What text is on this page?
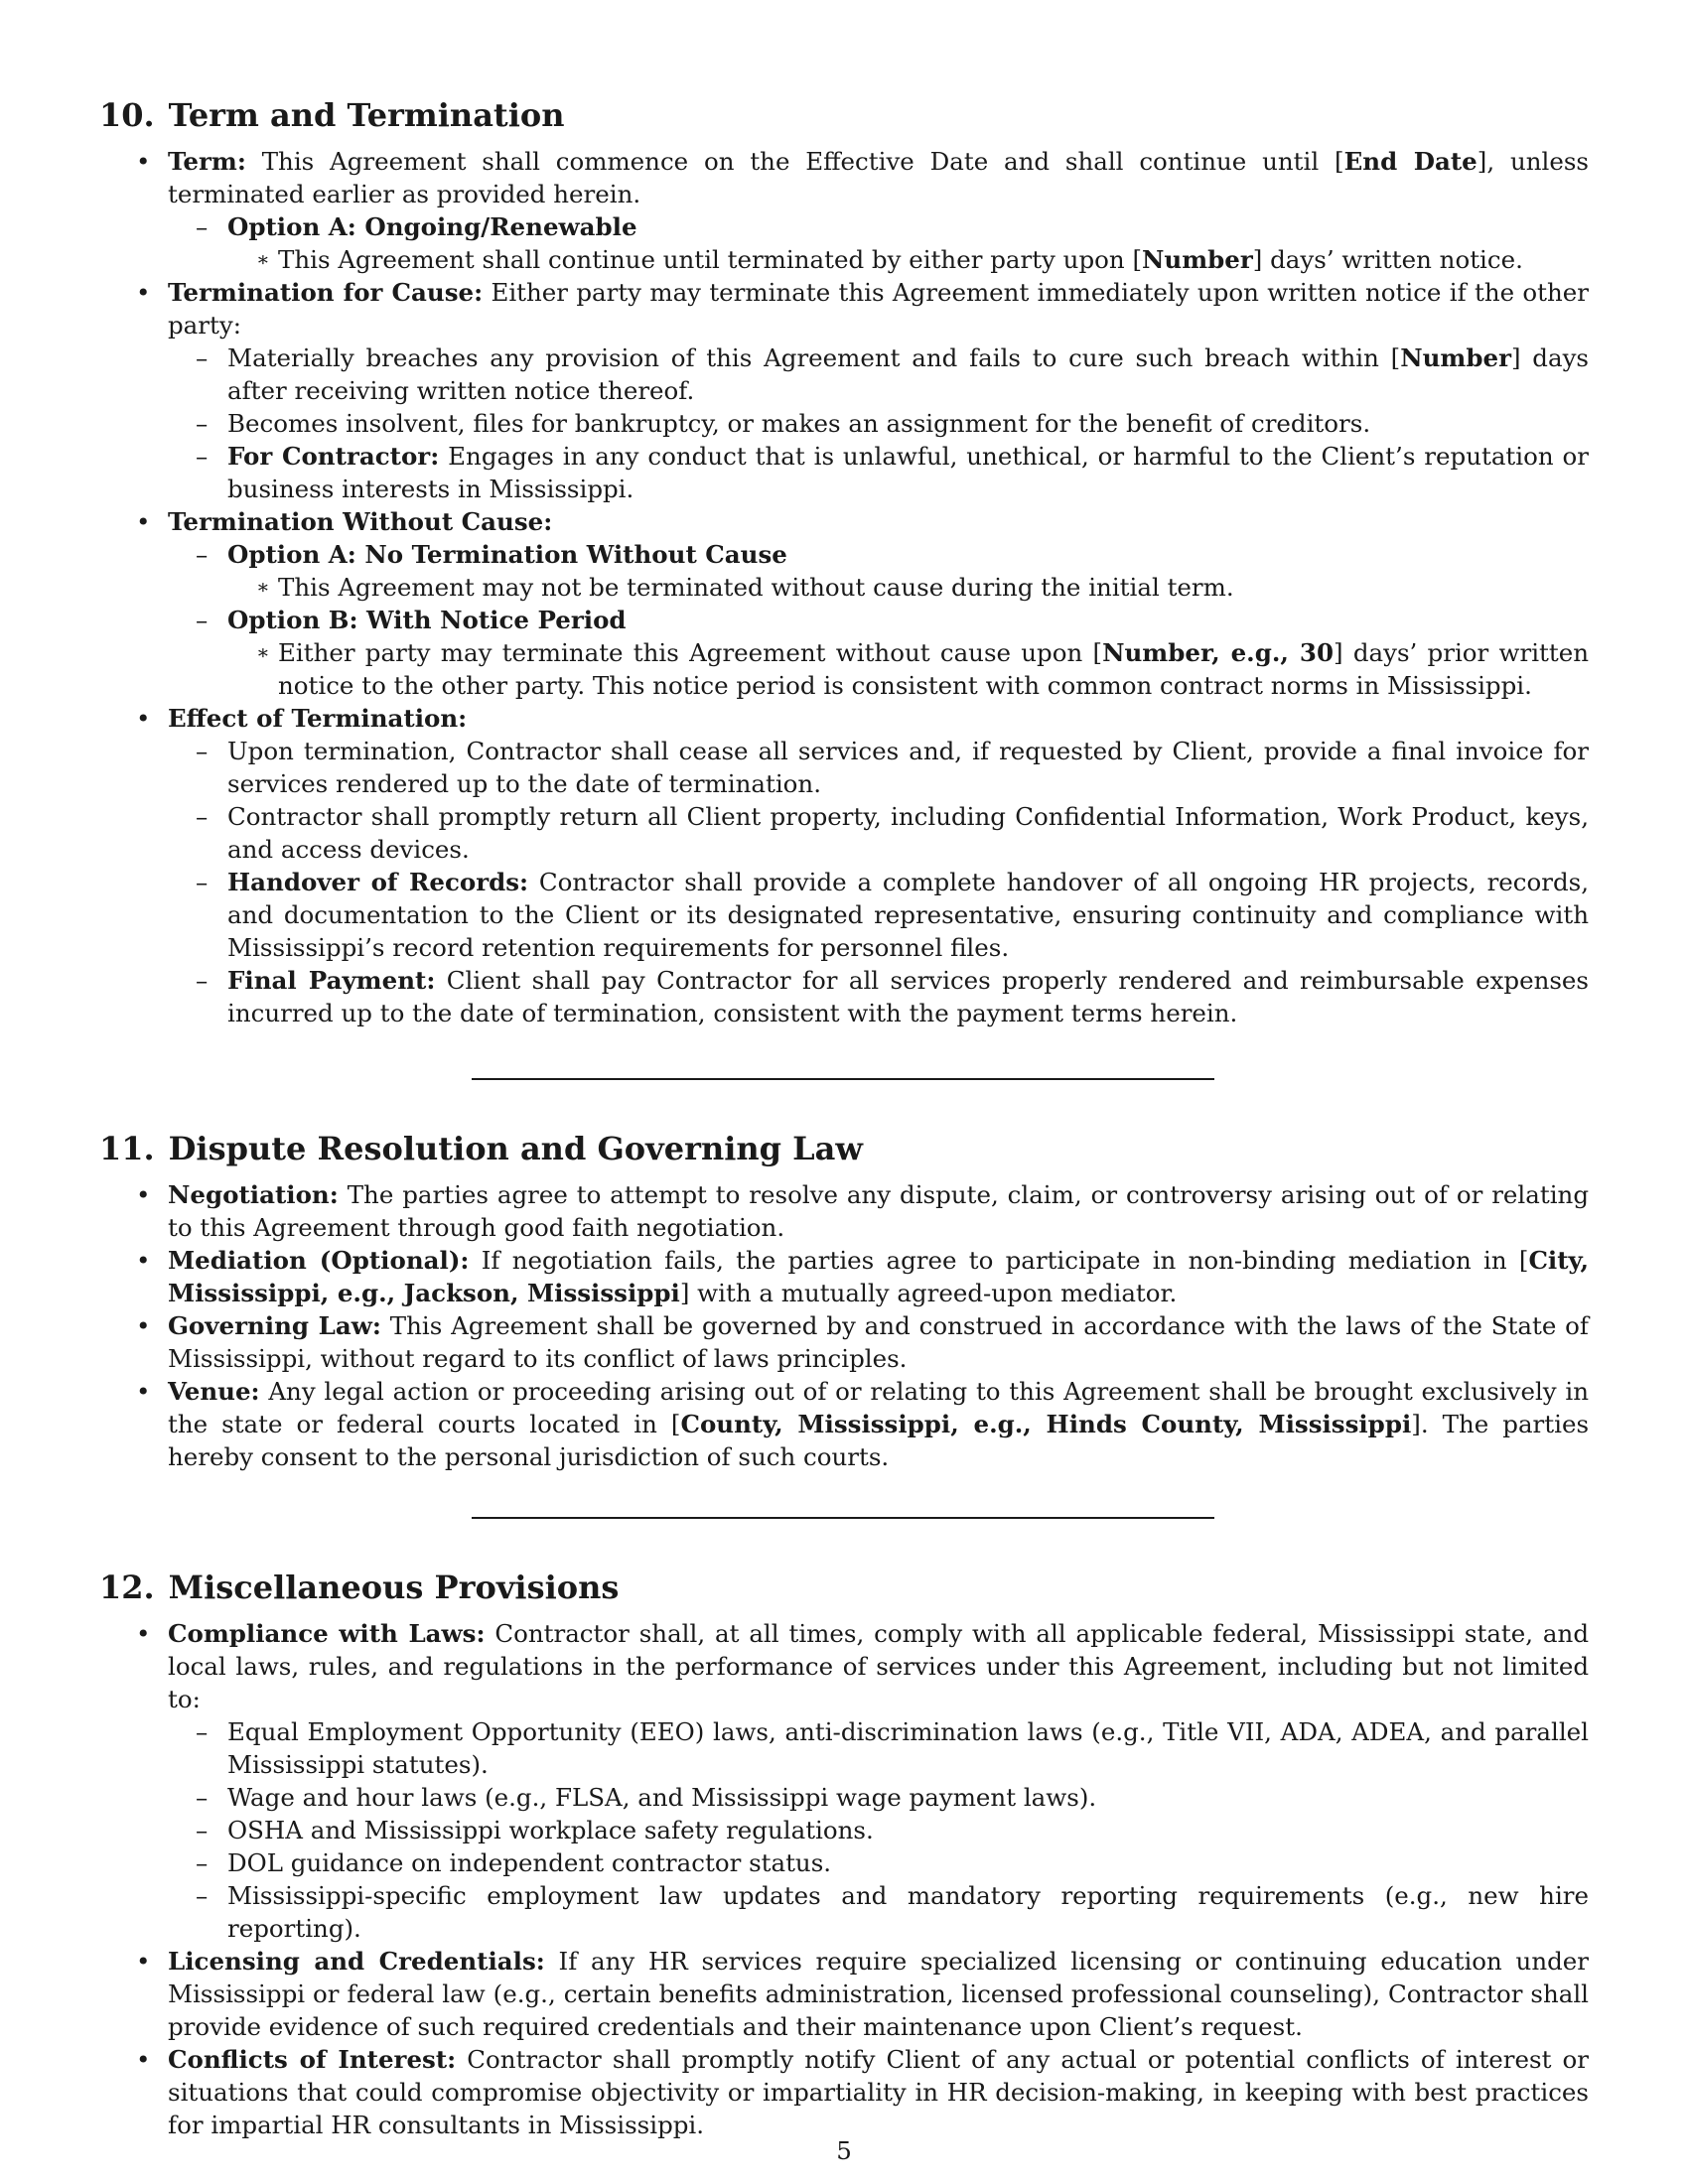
10. Term and Termination
• Term: This Agreement shall commence on the Effective Date and shall continue until [End Date], unless terminated earlier as provided herein.
– Option A: Ongoing/Renewable
∗ This Agreement shall continue until terminated by either party upon [Number] days’ written notice.
• Termination for Cause: Either party may terminate this Agreement immediately upon written notice if the other party:
– Materially breaches any provision of this Agreement and fails to cure such breach within [Number] days after receiving written notice thereof.
– Becomes insolvent, files for bankruptcy, or makes an assignment for the benefit of creditors.
– For Contractor: Engages in any conduct that is unlawful, unethical, or harmful to the Client’s reputation or business interests in Mississippi.
• Termination Without Cause:
– Option A: No Termination Without Cause
∗ This Agreement may not be terminated without cause during the initial term.
– Option B: With Notice Period
∗ Either party may terminate this Agreement without cause upon [Number, e.g., 30] days’ prior written notice to the other party. This notice period is consistent with common contract norms in Mississippi.
• Effect of Termination:
– Upon termination, Contractor shall cease all services and, if requested by Client, provide a final invoice for services rendered up to the date of termination.
– Contractor shall promptly return all Client property, including Confidential Information, Work Product, keys, and access devices.
– Handover of Records: Contractor shall provide a complete handover of all ongoing HR projects, records, and documentation to the Client or its designated representative, ensuring continuity and compliance with Mississippi’s record retention requirements for personnel files.
– Final Payment: Client shall pay Contractor for all services properly rendered and reimbursable expenses incurred up to the date of termination, consistent with the payment terms herein.
11. Dispute Resolution and Governing Law
• Negotiation: The parties agree to attempt to resolve any dispute, claim, or controversy arising out of or relating to this Agreement through good faith negotiation.
• Mediation (Optional): If negotiation fails, the parties agree to participate in non-binding mediation in [City, Mississippi, e.g., Jackson, Mississippi] with a mutually agreed-upon mediator.
• Governing Law: This Agreement shall be governed by and construed in accordance with the laws of the State of Mississippi, without regard to its conflict of laws principles.
• Venue: Any legal action or proceeding arising out of or relating to this Agreement shall be brought exclusively in the state or federal courts located in [County, Mississippi, e.g., Hinds County, Mississippi]. The parties hereby consent to the personal jurisdiction of such courts.
12. Miscellaneous Provisions
• Compliance with Laws: Contractor shall, at all times, comply with all applicable federal, Mississippi state, and local laws, rules, and regulations in the performance of services under this Agreement, including but not limited to:
– Equal Employment Opportunity (EEO) laws, anti-discrimination laws (e.g., Title VII, ADA, ADEA, and parallel Mississippi statutes).
– Wage and hour laws (e.g., FLSA, and Mississippi wage payment laws).
– OSHA and Mississippi workplace safety regulations.
– DOL guidance on independent contractor status.
– Mississippi-specific employment law updates and mandatory reporting requirements (e.g., new hire reporting).
• Licensing and Credentials: If any HR services require specialized licensing or continuing education under Mississippi or federal law (e.g., certain benefits administration, licensed professional counseling), Contractor shall provide evidence of such required credentials and their maintenance upon Client’s request.
• Conflicts of Interest: Contractor shall promptly notify Client of any actual or potential conflicts of interest or situations that could compromise objectivity or impartiality in HR decision-making, in keeping with best practices for impartial HR consultants in Mississippi.
5
